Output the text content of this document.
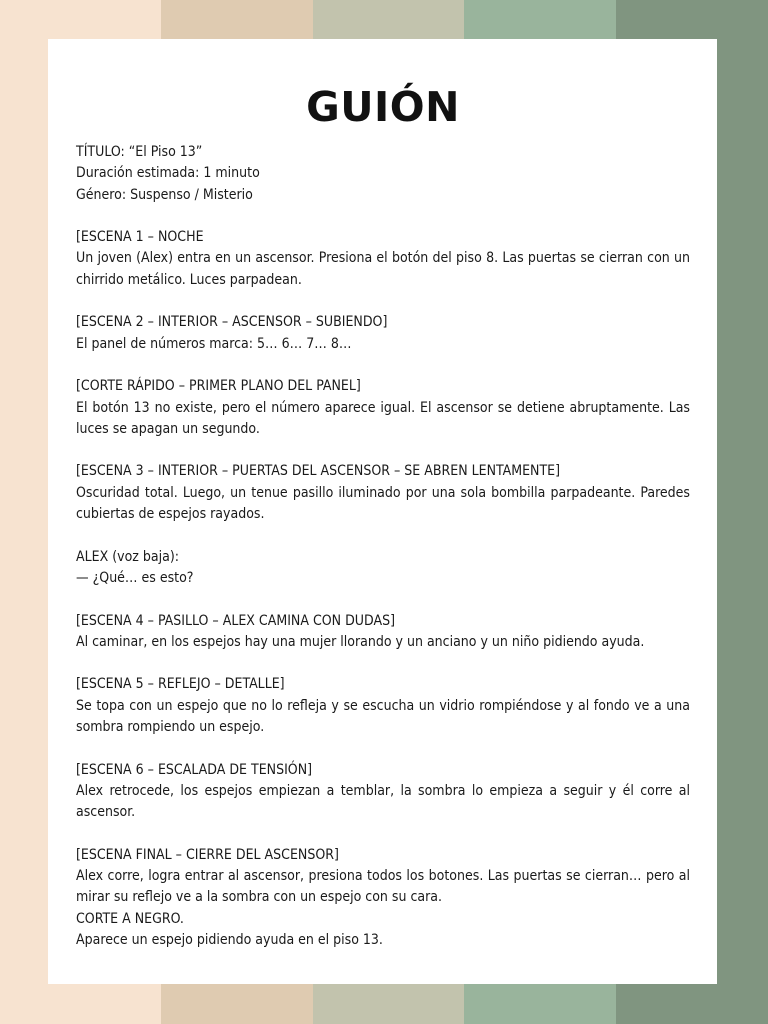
GUIÓN
TÍTULO: “El Piso 13”
Duración estimada: 1 minuto
Género: Suspenso / Misterio
[ESCENA 1 – NOCHE
Un joven (Alex) entra en un ascensor. Presiona el botón del piso 8. Las puertas se cierran con un chirrido metálico. Luces parpadean.
[ESCENA 2 – INTERIOR – ASCENSOR – SUBIENDO]
El panel de números marca: 5… 6… 7… 8…
[CORTE RÁPIDO – PRIMER PLANO DEL PANEL]
El botón 13 no existe, pero el número aparece igual. El ascensor se detiene abruptamente. Las luces se apagan un segundo.
[ESCENA 3 – INTERIOR – PUERTAS DEL ASCENSOR – SE ABREN LENTAMENTE]
Oscuridad total. Luego, un tenue pasillo iluminado por una sola bombilla parpadeante. Paredes cubiertas de espejos rayados.
ALEX (voz baja):
— ¿Qué… es esto?
[ESCENA 4 – PASILLO – ALEX CAMINA CON DUDAS]
Al caminar, en los espejos hay una mujer llorando y un anciano y un niño pidiendo ayuda.
[ESCENA 5 – REFLEJO – DETALLE]
Se topa con un espejo que no lo refleja y se escucha un vidrio rompiéndose y al fondo ve a una sombra rompiendo un espejo.
[ESCENA 6 – ESCALADA DE TENSIÓN]
Alex retrocede, los espejos empiezan a temblar, la sombra lo empieza a seguir y él corre al ascensor.
[ESCENA FINAL – CIERRE DEL ASCENSOR]
Alex corre, logra entrar al ascensor, presiona todos los botones. Las puertas se cierran… pero al mirar su reflejo ve a la sombra con un espejo con su cara.
CORTE A NEGRO.
Aparece un espejo pidiendo ayuda en el piso 13.
